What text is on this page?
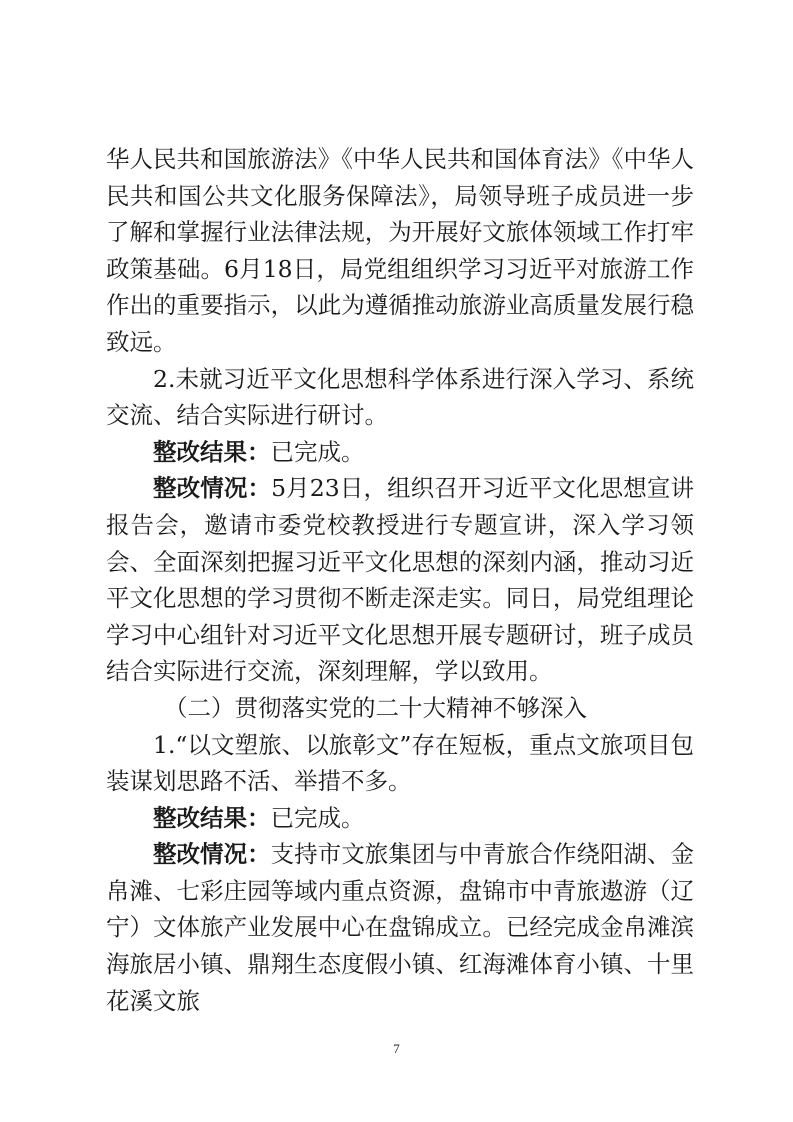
华人民共和国旅游法》《中华人民共和国体育法》《中华人民共和国公共文化服务保障法》，局领导班子成员进一步了解和掌握行业法律法规，为开展好文旅体领域工作打牢政策基础。6月18日，局党组组织学习习近平对旅游工作作出的重要指示，以此为遵循推动旅游业高质量发展行稳致远。

2.未就习近平文化思想科学体系进行深入学习、系统交流、结合实际进行研讨。

整改结果：已完成。

整改情况：5月23日，组织召开习近平文化思想宣讲报告会，邀请市委党校教授进行专题宣讲，深入学习领会、全面深刻把握习近平文化思想的深刻内涵，推动习近平文化思想的学习贯彻不断走深走实。同日，局党组理论学习中心组针对习近平文化思想开展专题研讨，班子成员结合实际进行交流，深刻理解，学以致用。

（二）贯彻落实党的二十大精神不够深入

1.“以文塑旅、以旅彰文”存在短板，重点文旅项目包装谋划思路不活、举措不多。

整改结果：已完成。

整改情况：支持市文旅集团与中青旅合作绕阳湖、金帛滩、七彩庄园等域内重点资源，盘锦市中青旅遨游（辽宁）文体旅产业发展中心在盘锦成立。已经完成金帛滩滨海旅居小镇、鼎翔生态度假小镇、红海滩体育小镇、十里花溪文旅

7
